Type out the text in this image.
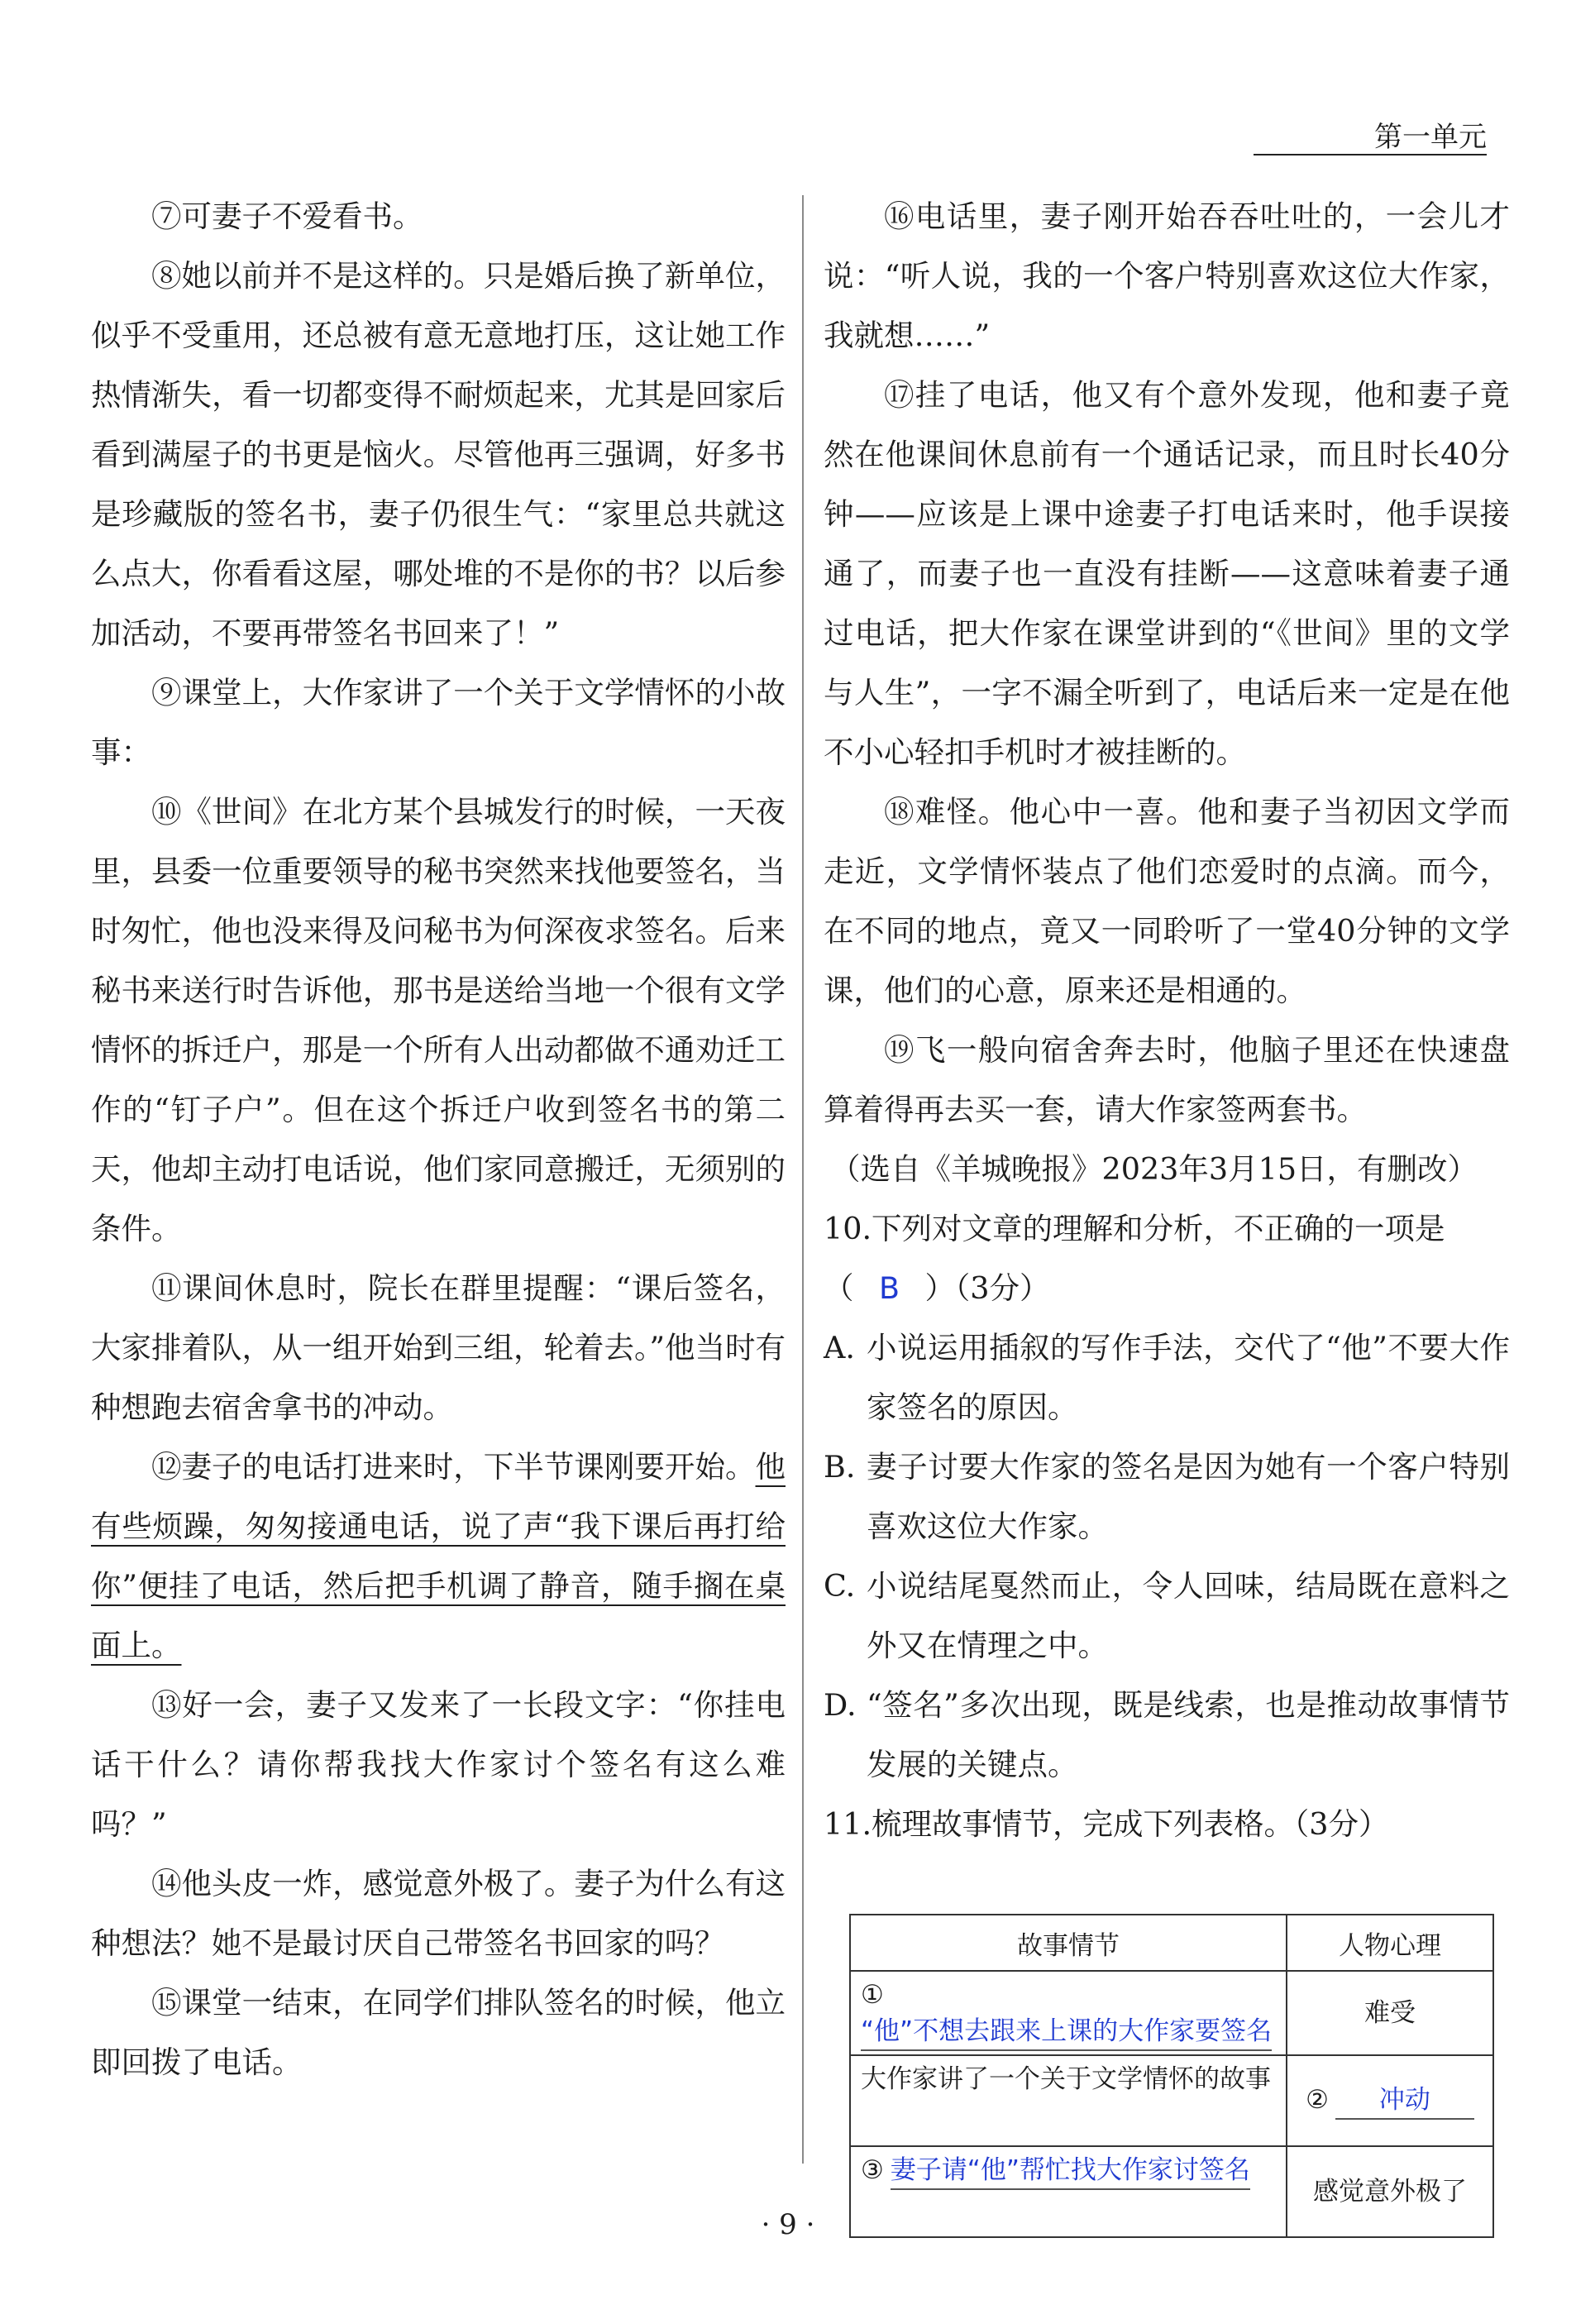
第一单元

⑦可妻子不爱看书。

⑧她以前并不是这样的。只是婚后换了新单位，似乎不受重用，还总被有意无意地打压，这让她工作热情渐失，看一切都变得不耐烦起来，尤其是回家后看到满屋子的书更是恼火。尽管他再三强调，好多书是珍藏版的签名书，妻子仍很生气：“家里总共就这么点大，你看看这屋，哪处堆的不是你的书？以后参加活动，不要再带签名书回来了！”

⑨课堂上，大作家讲了一个关于文学情怀的小故事：

⑩《世间》在北方某个县城发行的时候，一天夜里，县委一位重要领导的秘书突然来找他要签名，当时匆忙，他也没来得及问秘书为何深夜求签名。后来秘书来送行时告诉他，那书是送给当地一个很有文学情怀的拆迁户，那是一个所有人出动都做不通劝迁工作的“钉子户”。但在这个拆迁户收到签名书的第二天，他却主动打电话说，他们家同意搬迁，无须别的条件。

⑪课间休息时，院长在群里提醒：“课后签名，大家排着队，从一组开始到三组，轮着去。”他当时有种想跑去宿舍拿书的冲动。

⑫妻子的电话打进来时，下半节课刚要开始。他有些烦躁，匆匆接通电话，说了声“我下课后再打给你”便挂了电话，然后把手机调了静音，随手搁在桌面上。

⑬好一会，妻子又发来了一长段文字：“你挂电话干什么？请你帮我找大作家讨个签名有这么难吗？”

⑭他头皮一炸，感觉意外极了。妻子为什么有这种想法？她不是最讨厌自己带签名书回家的吗？

⑮课堂一结束，在同学们排队签名的时候，他立即回拨了电话。

⑯电话里，妻子刚开始吞吞吐吐的，一会儿才说：“听人说，我的一个客户特别喜欢这位大作家，我就想……”

⑰挂了电话，他又有个意外发现，他和妻子竟然在他课间休息前有一个通话记录，而且时长40分钟——应该是上课中途妻子打电话来时，他手误接通了，而妻子也一直没有挂断——这意味着妻子通过电话，把大作家在课堂讲到的“《世间》里的文学与人生”，一字不漏全听到了，电话后来一定是在他不小心轻扣手机时才被挂断的。

⑱难怪。他心中一喜。他和妻子当初因文学而走近，文学情怀装点了他们恋爱时的点滴。而今，在不同的地点，竟又一同聆听了一堂40分钟的文学课，他们的心意，原来还是相通的。

⑲飞一般向宿舍奔去时，他脑子里还在快速盘算着得再去买一套，请大作家签两套书。

（选自《羊城晚报》2023年3月15日，有删改）

10.下列对文章的理解和分析，不正确的一项是

（ B ）（3分）

A. 小说运用插叙的写作手法，交代了“他”不要大作家签名的原因。

B. 妻子讨要大作家的签名是因为她有一个客户特别喜欢这位大作家。

C. 小说结尾戛然而止，令人回味，结局既在意料之外又在情理之中。

D. “签名”多次出现，既是线索，也是推动故事情节发展的关键点。

11.梳理故事情节，完成下列表格。（3分）

故事情节	人物心理

①“他”不想去跟来上课的大作家要签名	难受

大作家讲了一个关于文学情怀的故事	② 冲动

③ 妻子请“他”帮忙找大作家讨签名	感觉意外极了
· 9 ·
